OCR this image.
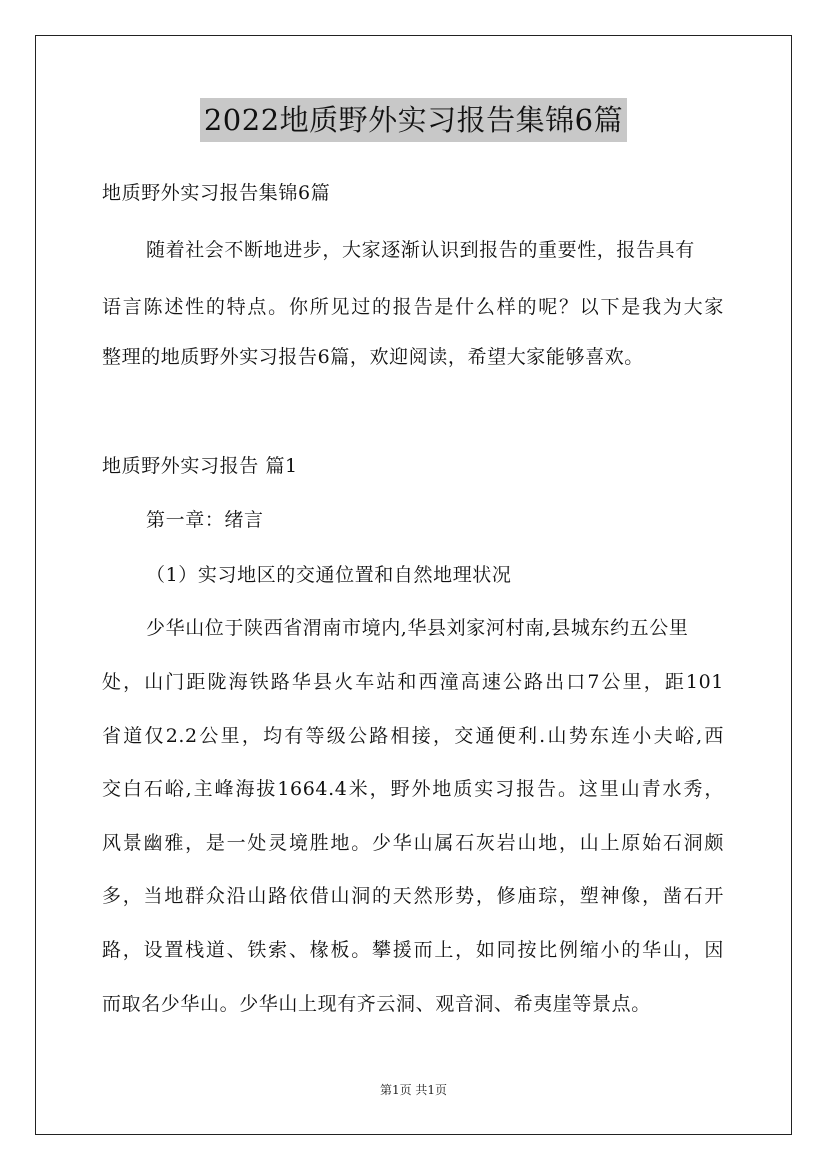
2022地质野外实习报告集锦6篇
地质野外实习报告集锦6篇
随着社会不断地进步，大家逐渐认识到报告的重要性，报告具有
语言陈述性的特点。你所见过的报告是什么样的呢？以下是我为大家
整理的地质野外实习报告6篇，欢迎阅读，希望大家能够喜欢。
地质野外实习报告 篇1
第一章：绪言
（1）实习地区的交通位置和自然地理状况
少华山位于陕西省渭南市境内,华县刘家河村南,县城东约五公里
处，山门距陇海铁路华县火车站和西潼高速公路出口7公里，距101
省道仅2.2公里，均有等级公路相接，交通便利.山势东连小夫峪,西
交白石峪,主峰海拔1664.4米，野外地质实习报告。这里山青水秀，
风景幽雅，是一处灵境胜地。少华山属石灰岩山地，山上原始石洞颇
多，当地群众沿山路依借山洞的天然形势，修庙琮，塑神像，凿石开
路，设置栈道、铁索、椽板。攀援而上，如同按比例缩小的华山，因
而取名少华山。少华山上现有齐云洞、观音洞、希夷崖等景点。
第1页 共1页
